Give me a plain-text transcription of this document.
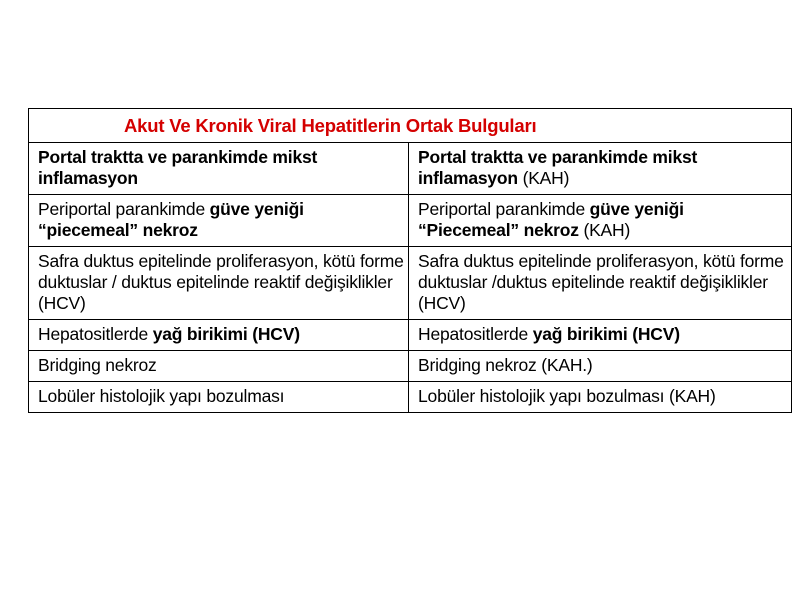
Akut Ve Kronik Viral Hepatitlerin Ortak Bulguları	
Portal traktta ve parankimde mikst inflamasyon	Portal traktta ve parankimde mikst inflamasyon (KAH)
Periportal parankimde güve yeniği “piecemeal” nekroz	Periportal parankimde güve yeniği “Piecemeal” nekroz (KAH)
Safra duktus epitelinde proliferasyon, kötü forme duktuslar / duktus epitelinde reaktif değişiklikler (HCV)	Safra duktus epitelinde proliferasyon, kötü forme duktuslar /duktus epitelinde reaktif değişiklikler (HCV)
Hepatositlerde yağ birikimi (HCV)	Hepatositlerde yağ birikimi (HCV)
Bridging nekroz	Bridging nekroz (KAH.)
Lobüler histolojik yapı bozulması	Lobüler histolojik yapı bozulması (KAH)
